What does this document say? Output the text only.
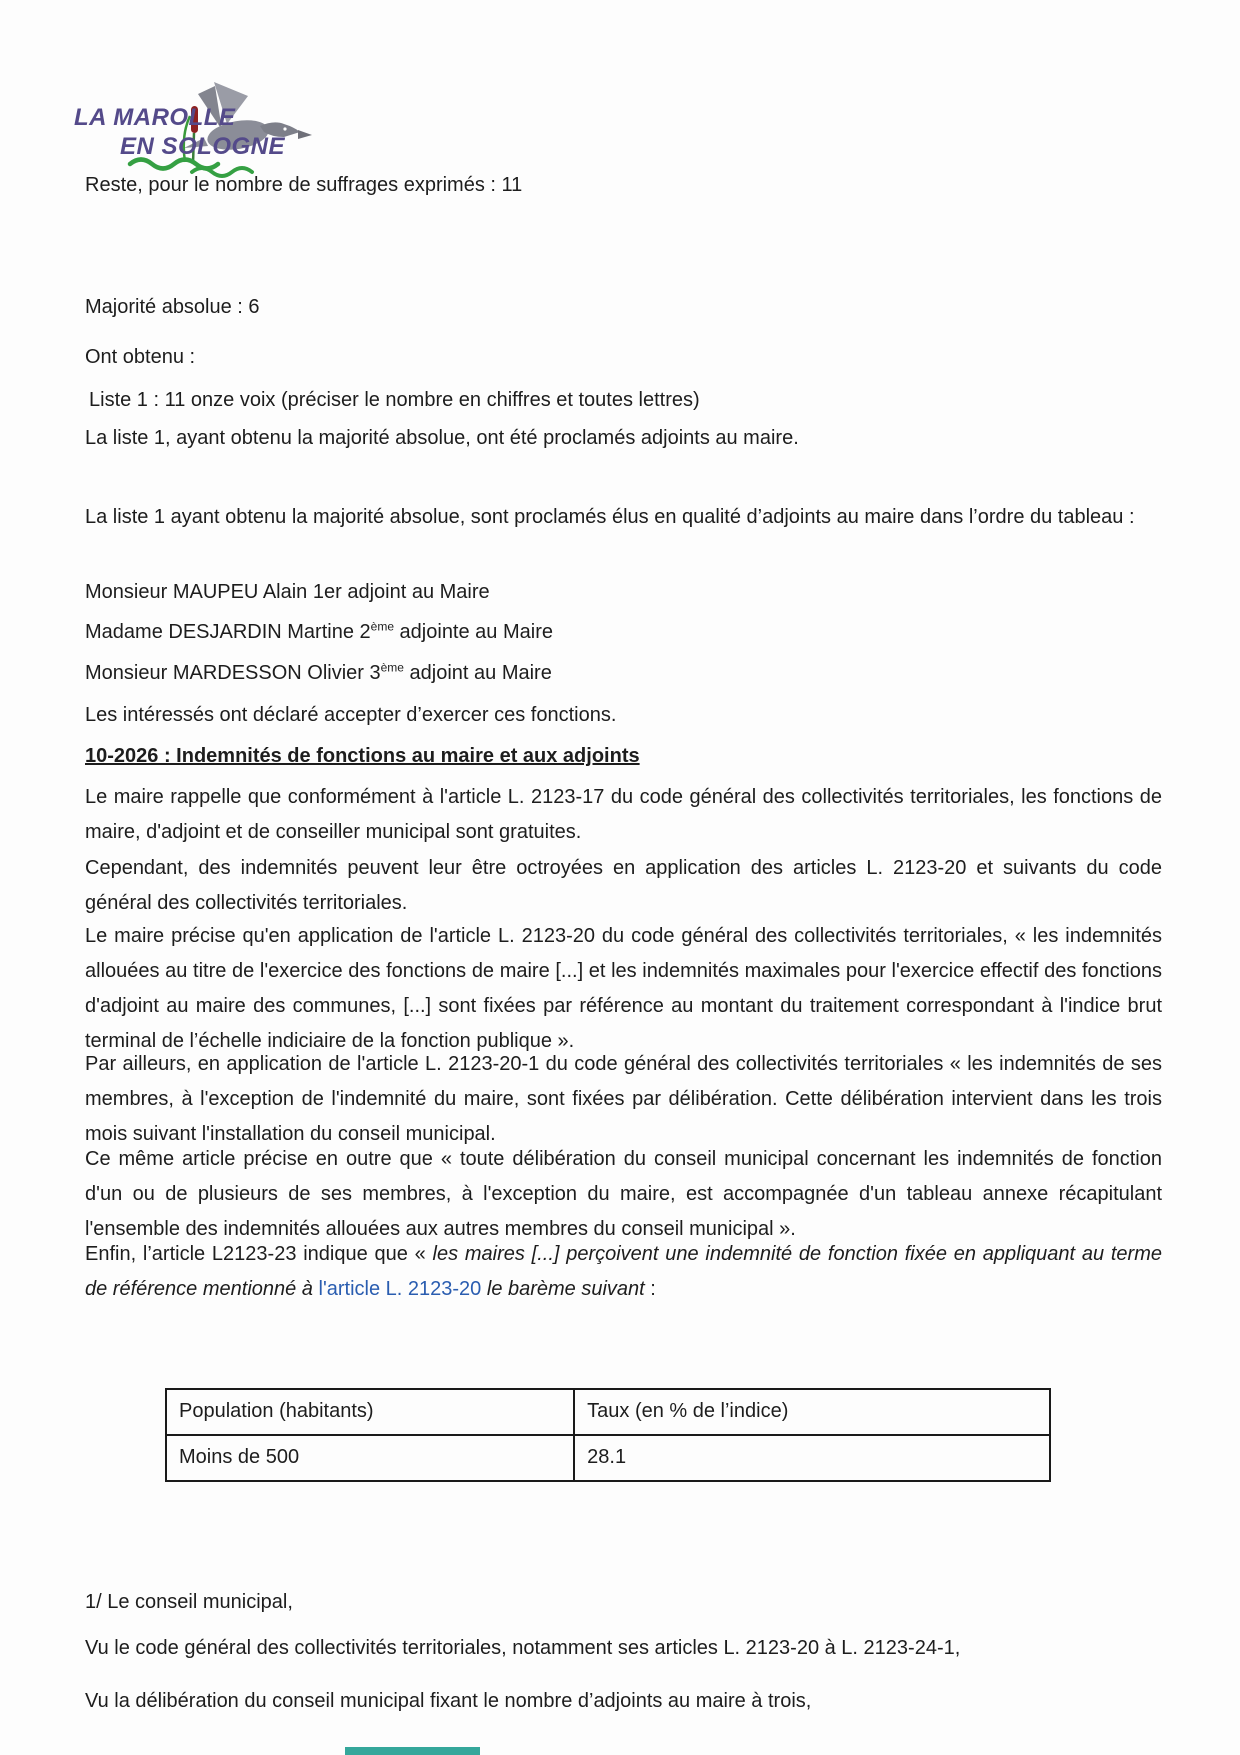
LA MAROLLE
EN SOLOGNE

Reste, pour le nombre de suffrages exprimés : 11

Majorité absolue : 6

Ont obtenu :

Liste 1 : 11 onze voix (préciser le nombre en chiffres et toutes lettres)

La liste 1, ayant obtenu la majorité absolue, ont été proclamés adjoints au maire.

La liste 1 ayant obtenu la majorité absolue, sont proclamés élus en qualité d’adjoints au maire dans l’ordre du tableau :

Monsieur MAUPEU Alain 1er adjoint au Maire

Madame DESJARDIN Martine 2ème adjointe au Maire

Monsieur MARDESSON Olivier 3ème adjoint au Maire

Les intéressés ont déclaré accepter d’exercer ces fonctions.

10-2026 : Indemnités de fonctions au maire et aux adjoints

Le maire rappelle que conformément à l'article L. 2123-17 du code général des collectivités territoriales, les fonctions de maire, d'adjoint et de conseiller municipal sont gratuites.

Cependant, des indemnités peuvent leur être octroyées en application des articles L. 2123-20 et suivants du code général des collectivités territoriales.

Le maire précise qu'en application de l'article L. 2123-20 du code général des collectivités territoriales, « les indemnités allouées au titre de l'exercice des fonctions de maire [...] et les indemnités maximales pour l'exercice effectif des fonctions d'adjoint au maire des communes, [...] sont fixées par référence au montant du traitement correspondant à l'indice brut terminal de l’échelle indiciaire de la fonction publique ».

Par ailleurs, en application de l'article L. 2123-20-1 du code général des collectivités territoriales « les indemnités de ses membres, à l'exception de l'indemnité du maire, sont fixées par délibération. Cette délibération intervient dans les trois mois suivant l'installation du conseil municipal.

Ce même article précise en outre que « toute délibération du conseil municipal concernant les indemnités de fonction d'un ou de plusieurs de ses membres, à l'exception du maire, est accompagnée d'un tableau annexe récapitulant l'ensemble des indemnités allouées aux autres membres du conseil municipal ».

Enfin, l’article L2123-23 indique que « les maires [...] perçoivent une indemnité de fonction fixée en appliquant au terme de référence mentionné à l'article L. 2123-20 le barème suivant :

Population (habitants)	Taux (en % de l’indice)
Moins de 500	28.1

1/ Le conseil municipal,

Vu le code général des collectivités territoriales, notamment ses articles L. 2123-20 à L. 2123-24-1,

Vu la délibération du conseil municipal fixant le nombre d’adjoints au maire à trois,
